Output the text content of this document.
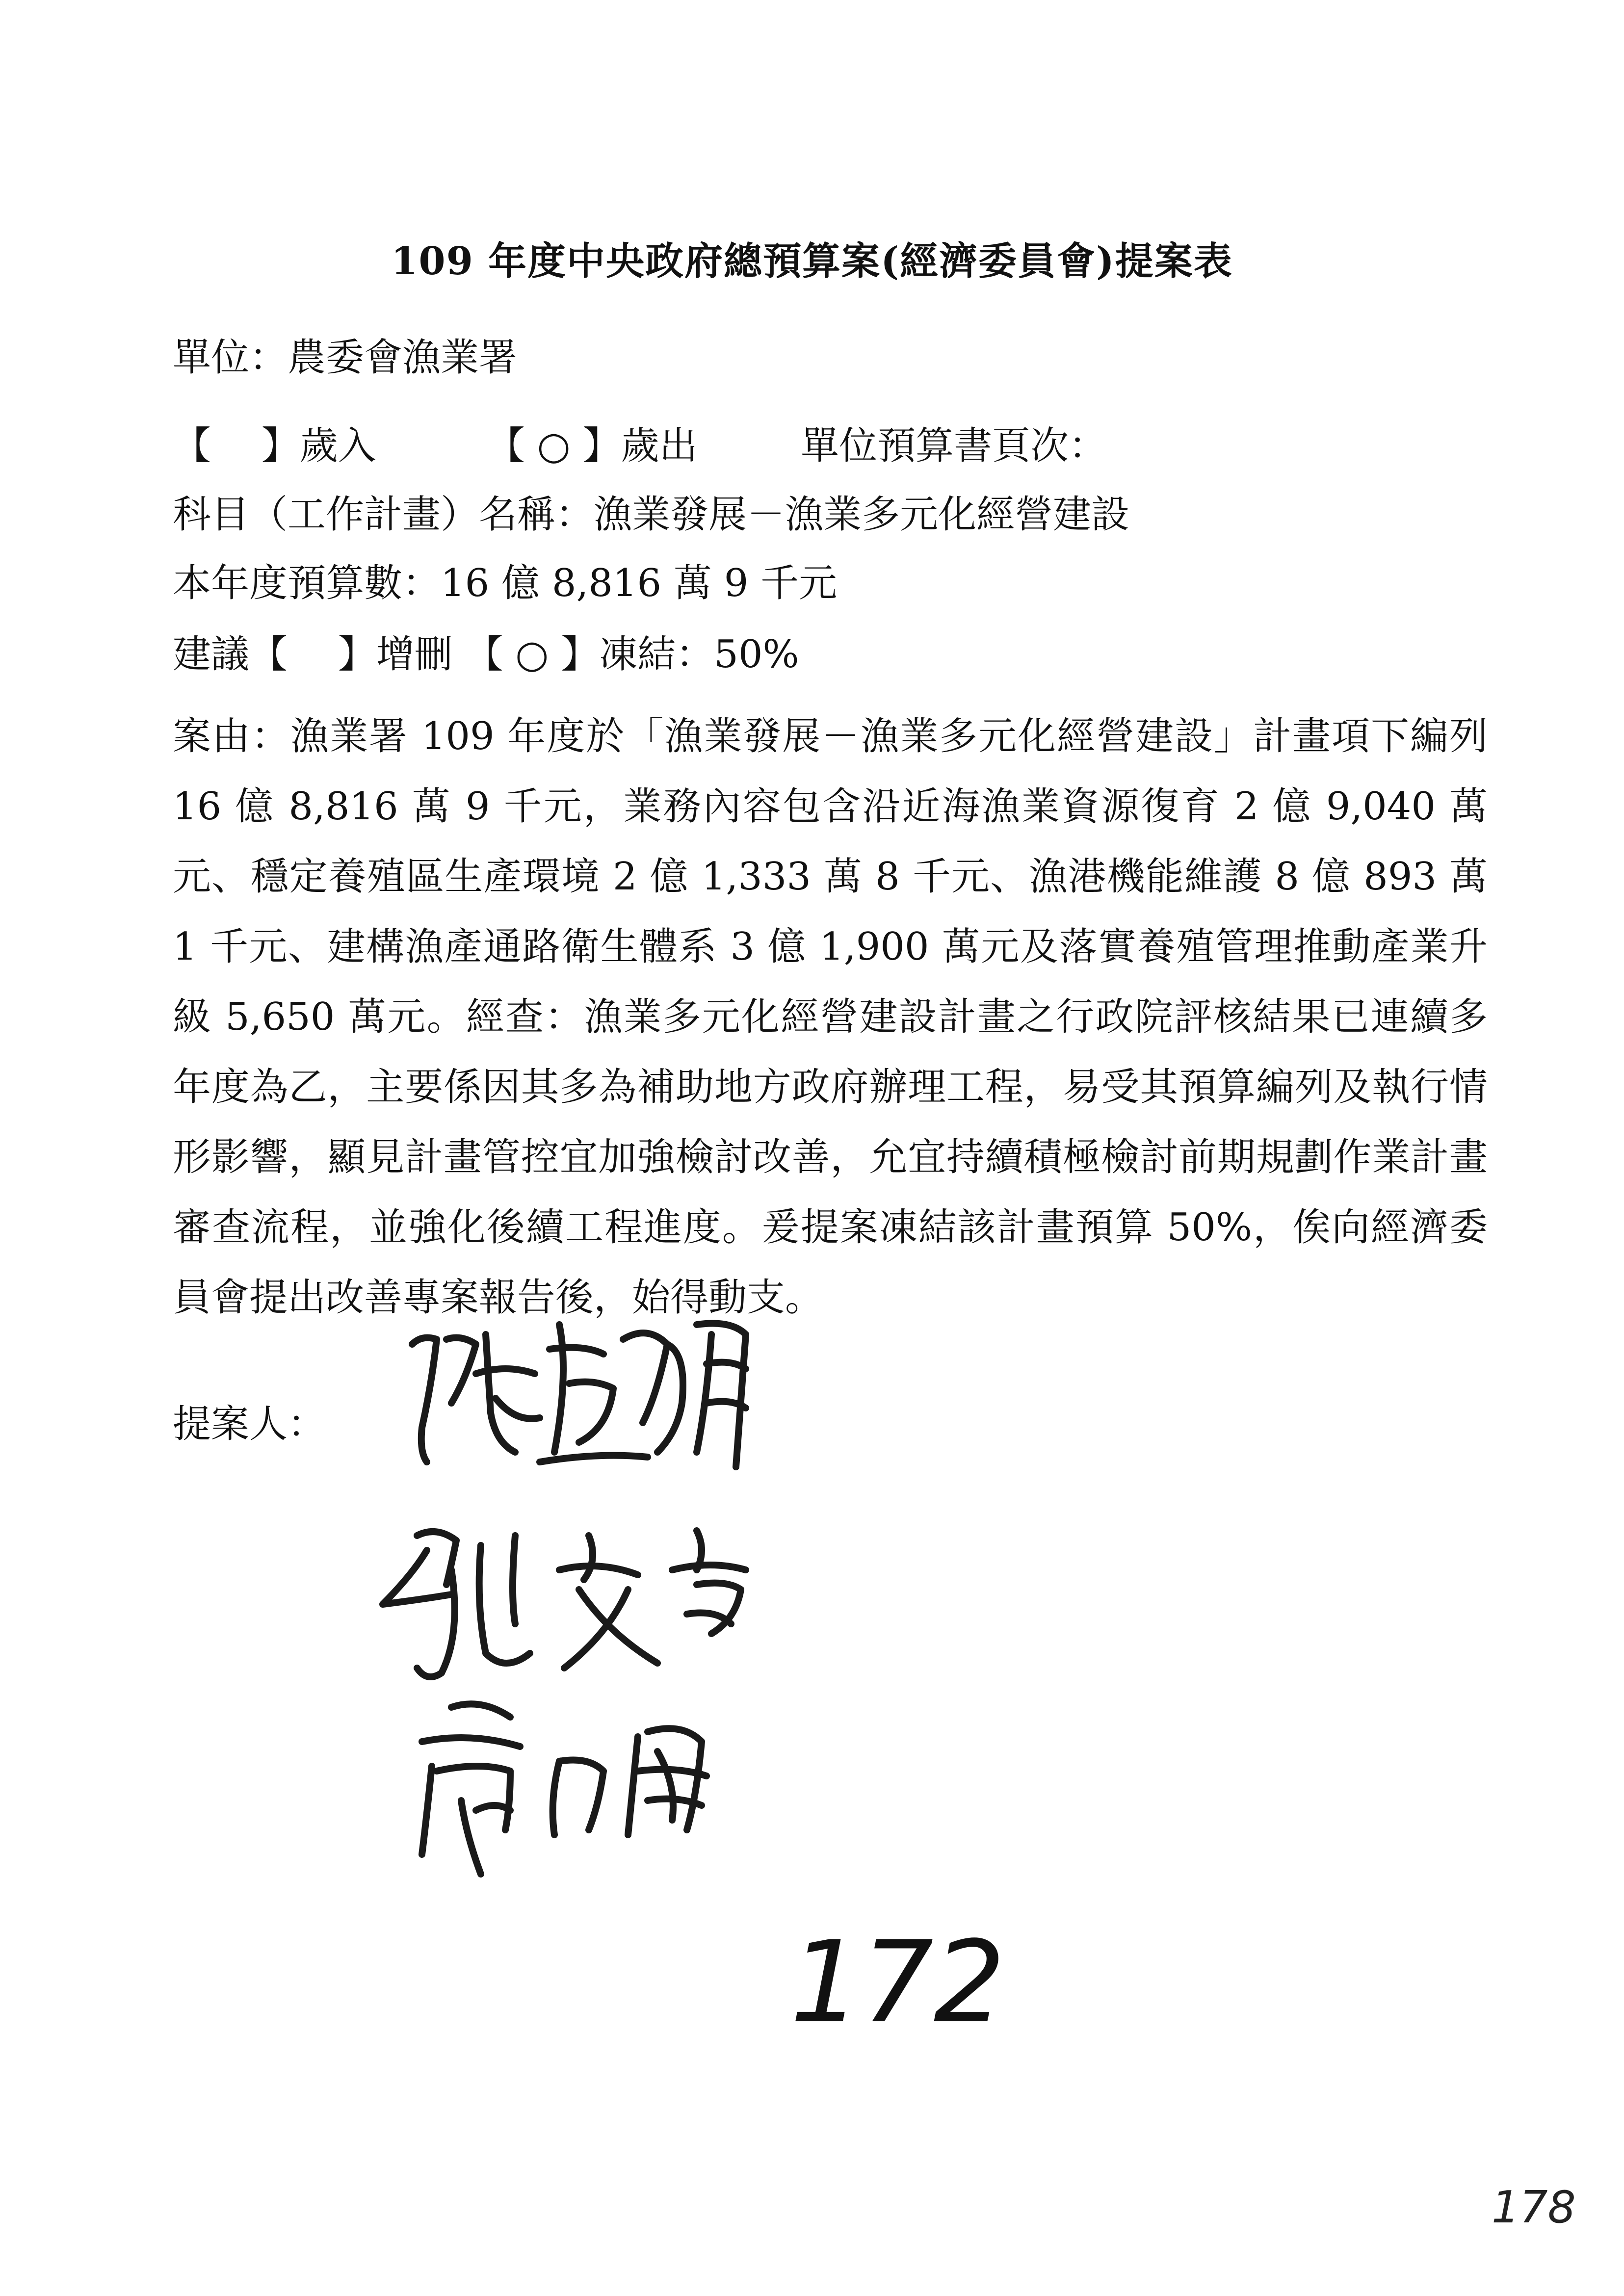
109 年度中央政府總預算案(經濟委員會)提案表
單位：農委會漁業署
【　 】歲入	【 ○ 】歲出	單位預算書頁次：
科目（工作計畫）名稱：漁業發展－漁業多元化經營建設
本年度預算數：16 億 8,816 萬 9 千元
建議【　 】增刪 【 ○ 】凍結：50%
案由：漁業署 109 年度於「漁業發展－漁業多元化經營建設」計畫項下編列 16 億 8,816 萬 9 千元，業務內容包含沿近海漁業資源復育 2 億 9,040 萬元、穩定養殖區生產環境 2 億 1,333 萬 8 千元、漁港機能維護 8 億 893 萬 1 千元、建構漁產通路衛生體系 3 億 1,900 萬元及落實養殖管理推動產業升級 5,650 萬元。經查：漁業多元化經營建設計畫之行政院評核結果已連續多年度為乙，主要係因其多為補助地方政府辦理工程，易受其預算編列及執行情形影響，顯見計畫管控宜加強檢討改善，允宜持續積極檢討前期規劃作業計畫審查流程，並強化後續工程進度。爰提案凍結該計畫預算 50%，俟向經濟委員會提出改善專案報告後，始得動支。
提案人：
172
178
